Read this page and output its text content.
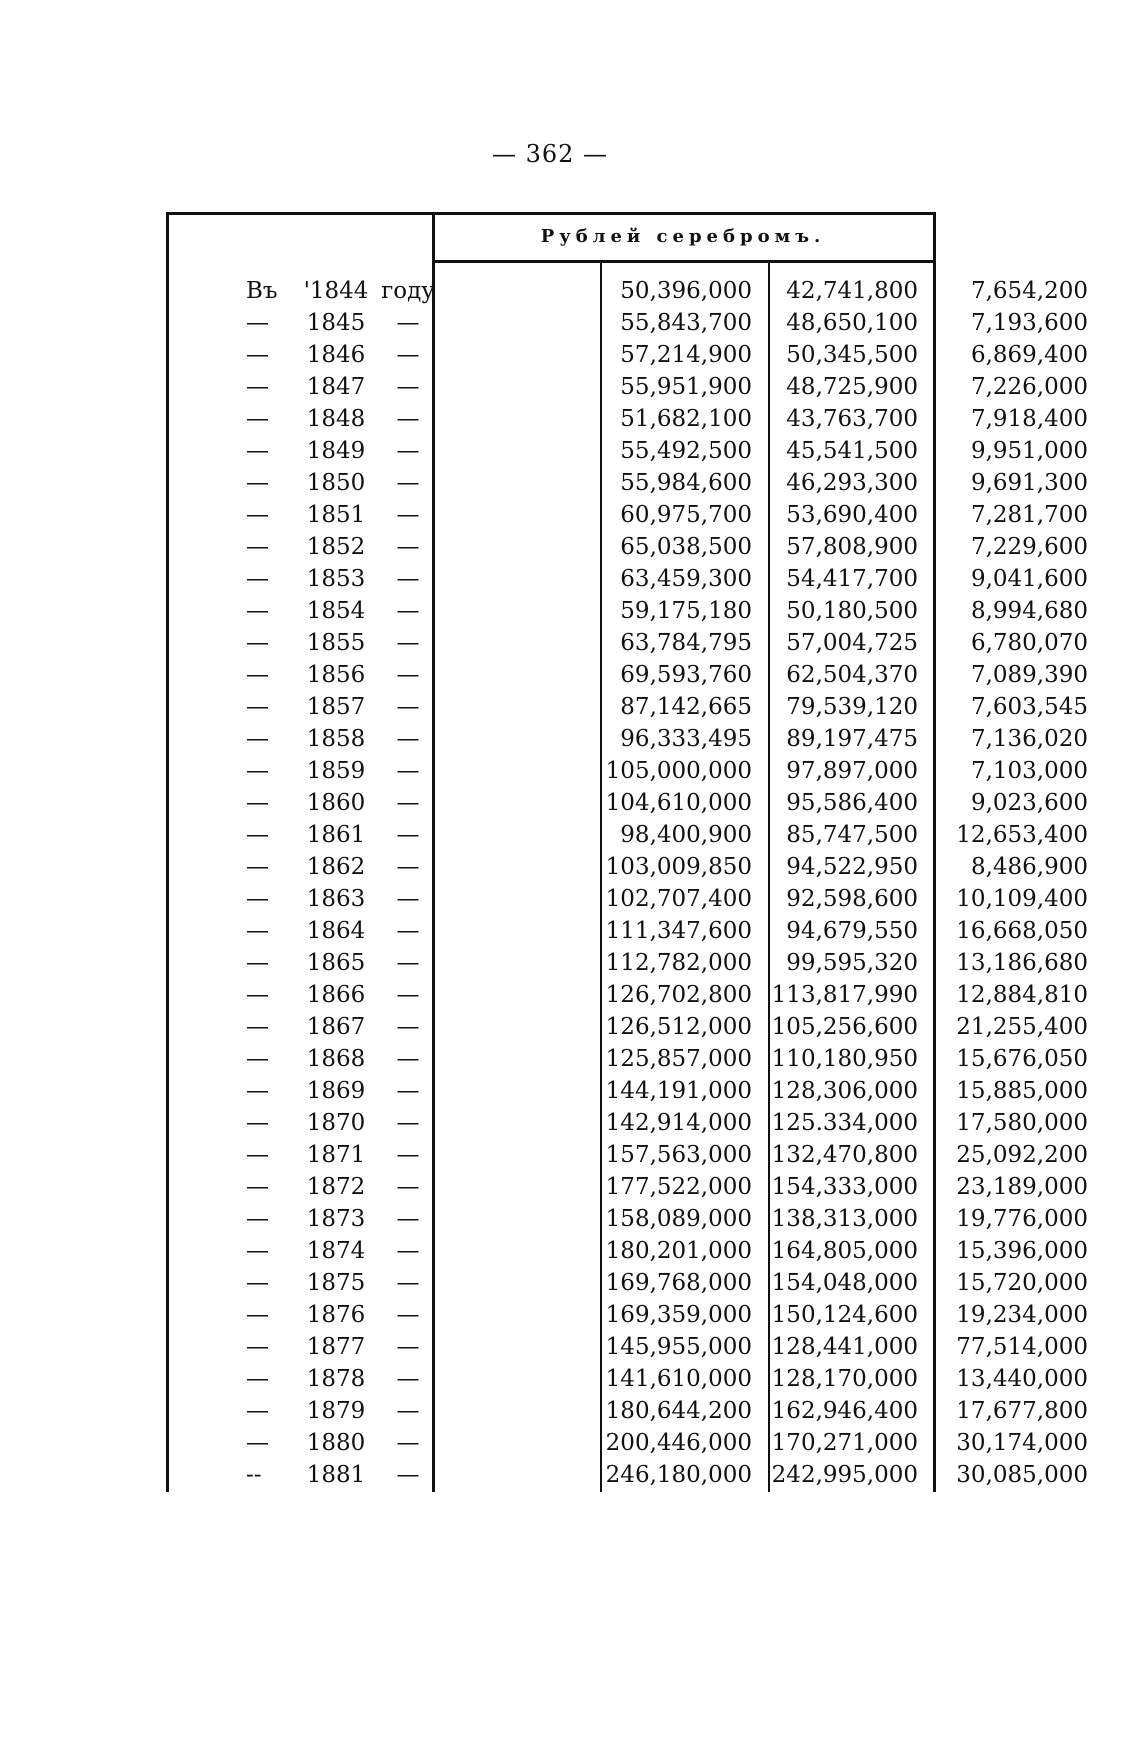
— 362 —
Рублей серебромъ.
Въ	'1844 году	50,396,000	42,741,800	7,654,200
—	1845	—	55,843,700	48,650,100	7,193,600
—	1846	—	57,214,900	50,345,500	6,869,400
—	1847	—	55,951,900	48,725,900	7,226,000
—	1848	—	51,682,100	43,763,700	7,918,400
—	1849	—	55,492,500	45,541,500	9,951,000
—	1850	—	55,984,600	46,293,300	9,691,300
—	1851	—	60,975,700	53,690,400	7,281,700
—	1852	—	65,038,500	57,808,900	7,229,600
—	1853	—	63,459,300	54,417,700	9,041,600
—	1854	—	59,175,180	50,180,500	8,994,680
—	1855	—	63,784,795	57,004,725	6,780,070
—	1856	—	69,593,760	62,504,370	7,089,390
—	1857	—	87,142,665	79,539,120	7,603,545
—	1858	—	96,333,495	89,197,475	7,136,020
—	1859	—	105,000,000	97,897,000	7,103,000
—	1860	—	104,610,000	95,586,400	9,023,600
—	1861	—	98,400,900	85,747,500	12,653,400
—	1862	—	103,009,850	94,522,950	8,486,900
—	1863	—	102,707,400	92,598,600	10,109,400
—	1864	—	111,347,600	94,679,550	16,668,050
—	1865	—	112,782,000	99,595,320	13,186,680
—	1866	—	126,702,800 113,817,990	12,884,810
—	1867	—	126,512,000 105,256,600	21,255,400
—	1868	—	125,857,000 110,180,950	15,676,050
—	1869	—	144,191,000 128,306,000	15,885,000
—	1870	—	142,914,000 125.334,000	17,580,000
—	1871	—	157,563,000 132,470,800	25,092,200
—	1872	—	177,522,000 154,333,000	23,189,000
—	1873	—	158,089,000 138,313,000	19,776,000
—	1874	—	180,201,000 164,805,000	15,396,000
—	1875	—	169,768,000 154,048,000	15,720,000
—	1876	—	169,359,000 150,124,600	19,234,000
—	1877	—	145,955,000 128,441,000	77,514,000
—	1878	—	141,610,000 128,170,000	13,440,000
—	1879	—	180,644,200 162,946,400	17,677,800
—	1880	—	200,446,000 170,271,000	30,174,000
--	1881	—	246,180,000 242,995,000	30,085,000
